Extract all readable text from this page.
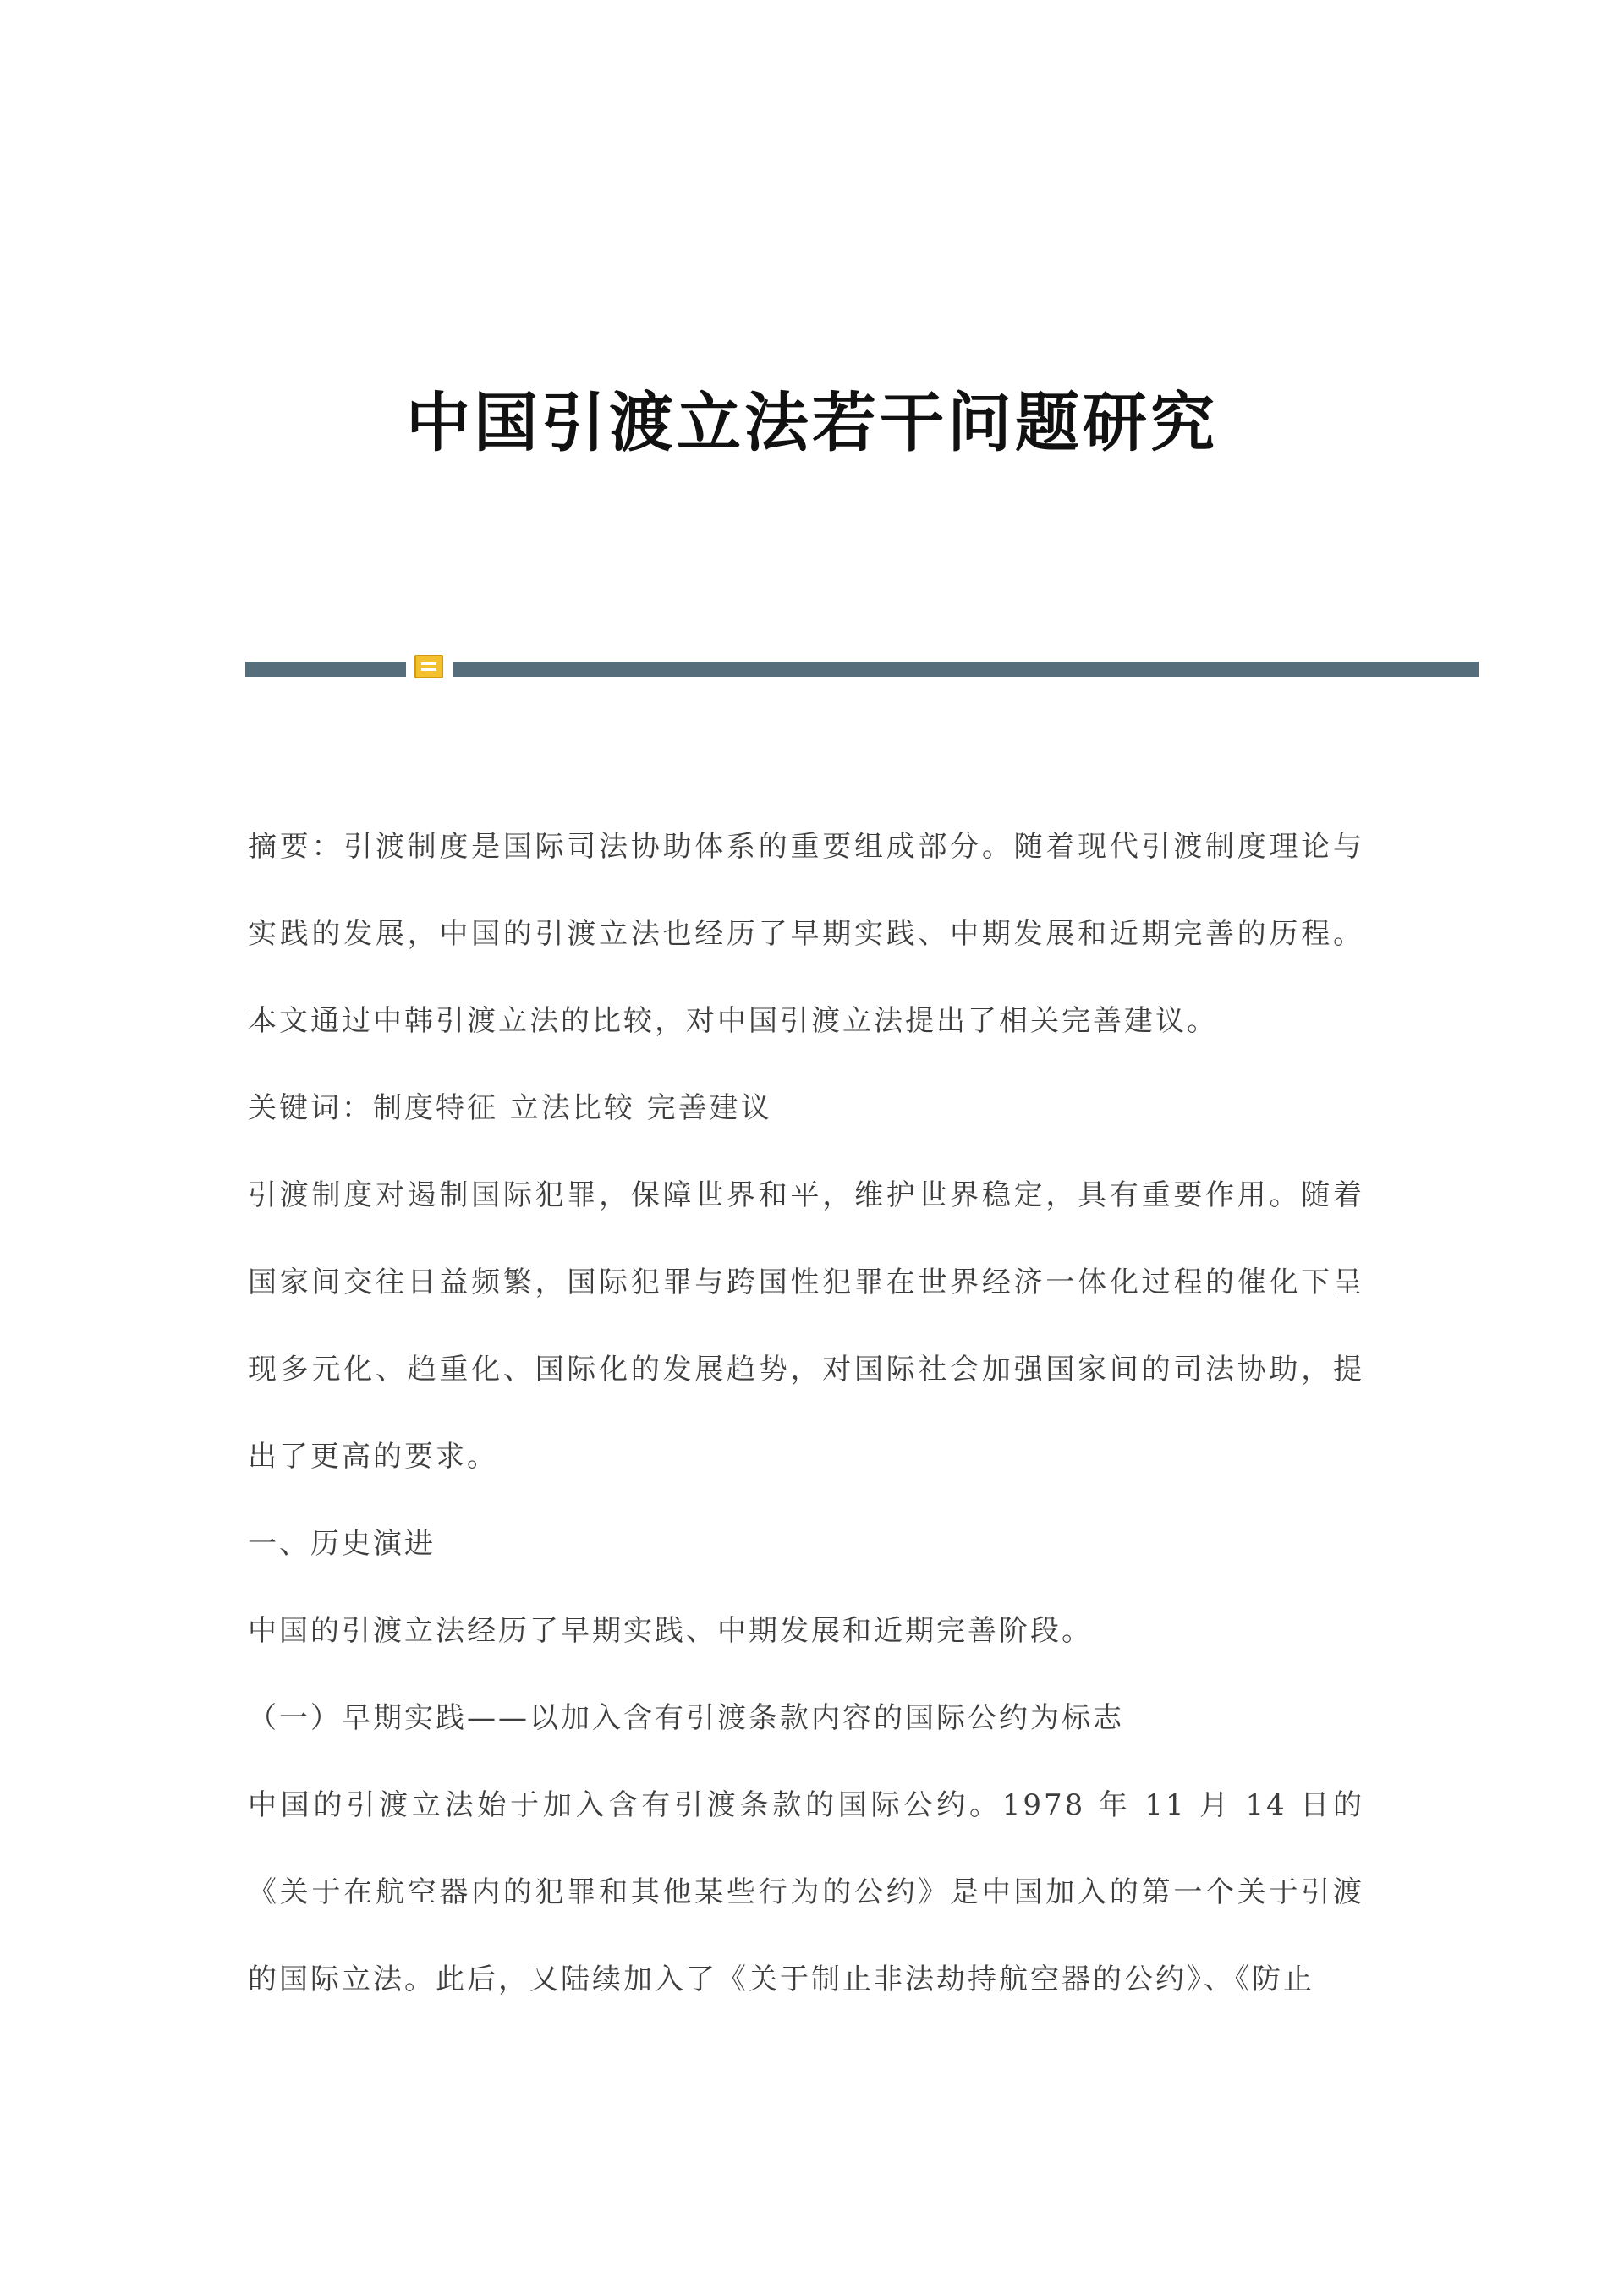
中国引渡立法若干问题研究

摘要：引渡制度是国际司法协助体系的重要组成部分。随着现代引渡制度理论与实践的发展，中国的引渡立法也经历了早期实践、中期发展和近期完善的历程。本文通过中韩引渡立法的比较，对中国引渡立法提出了相关完善建议。

关键词：制度特征 立法比较 完善建议

引渡制度对遏制国际犯罪，保障世界和平，维护世界稳定，具有重要作用。随着国家间交往日益频繁，国际犯罪与跨国性犯罪在世界经济一体化过程的催化下呈现多元化、趋重化、国际化的发展趋势，对国际社会加强国家间的司法协助，提出了更高的要求。

一、历史演进

中国的引渡立法经历了早期实践、中期发展和近期完善阶段。

（一）早期实践——以加入含有引渡条款内容的国际公约为标志

中国的引渡立法始于加入含有引渡条款的国际公约。1978 年 11 月 14 日的《关于在航空器内的犯罪和其他某些行为的公约》是中国加入的第一个关于引渡的国际立法。此后，又陆续加入了《关于制止非法劫持航空器的公约》、《防止
